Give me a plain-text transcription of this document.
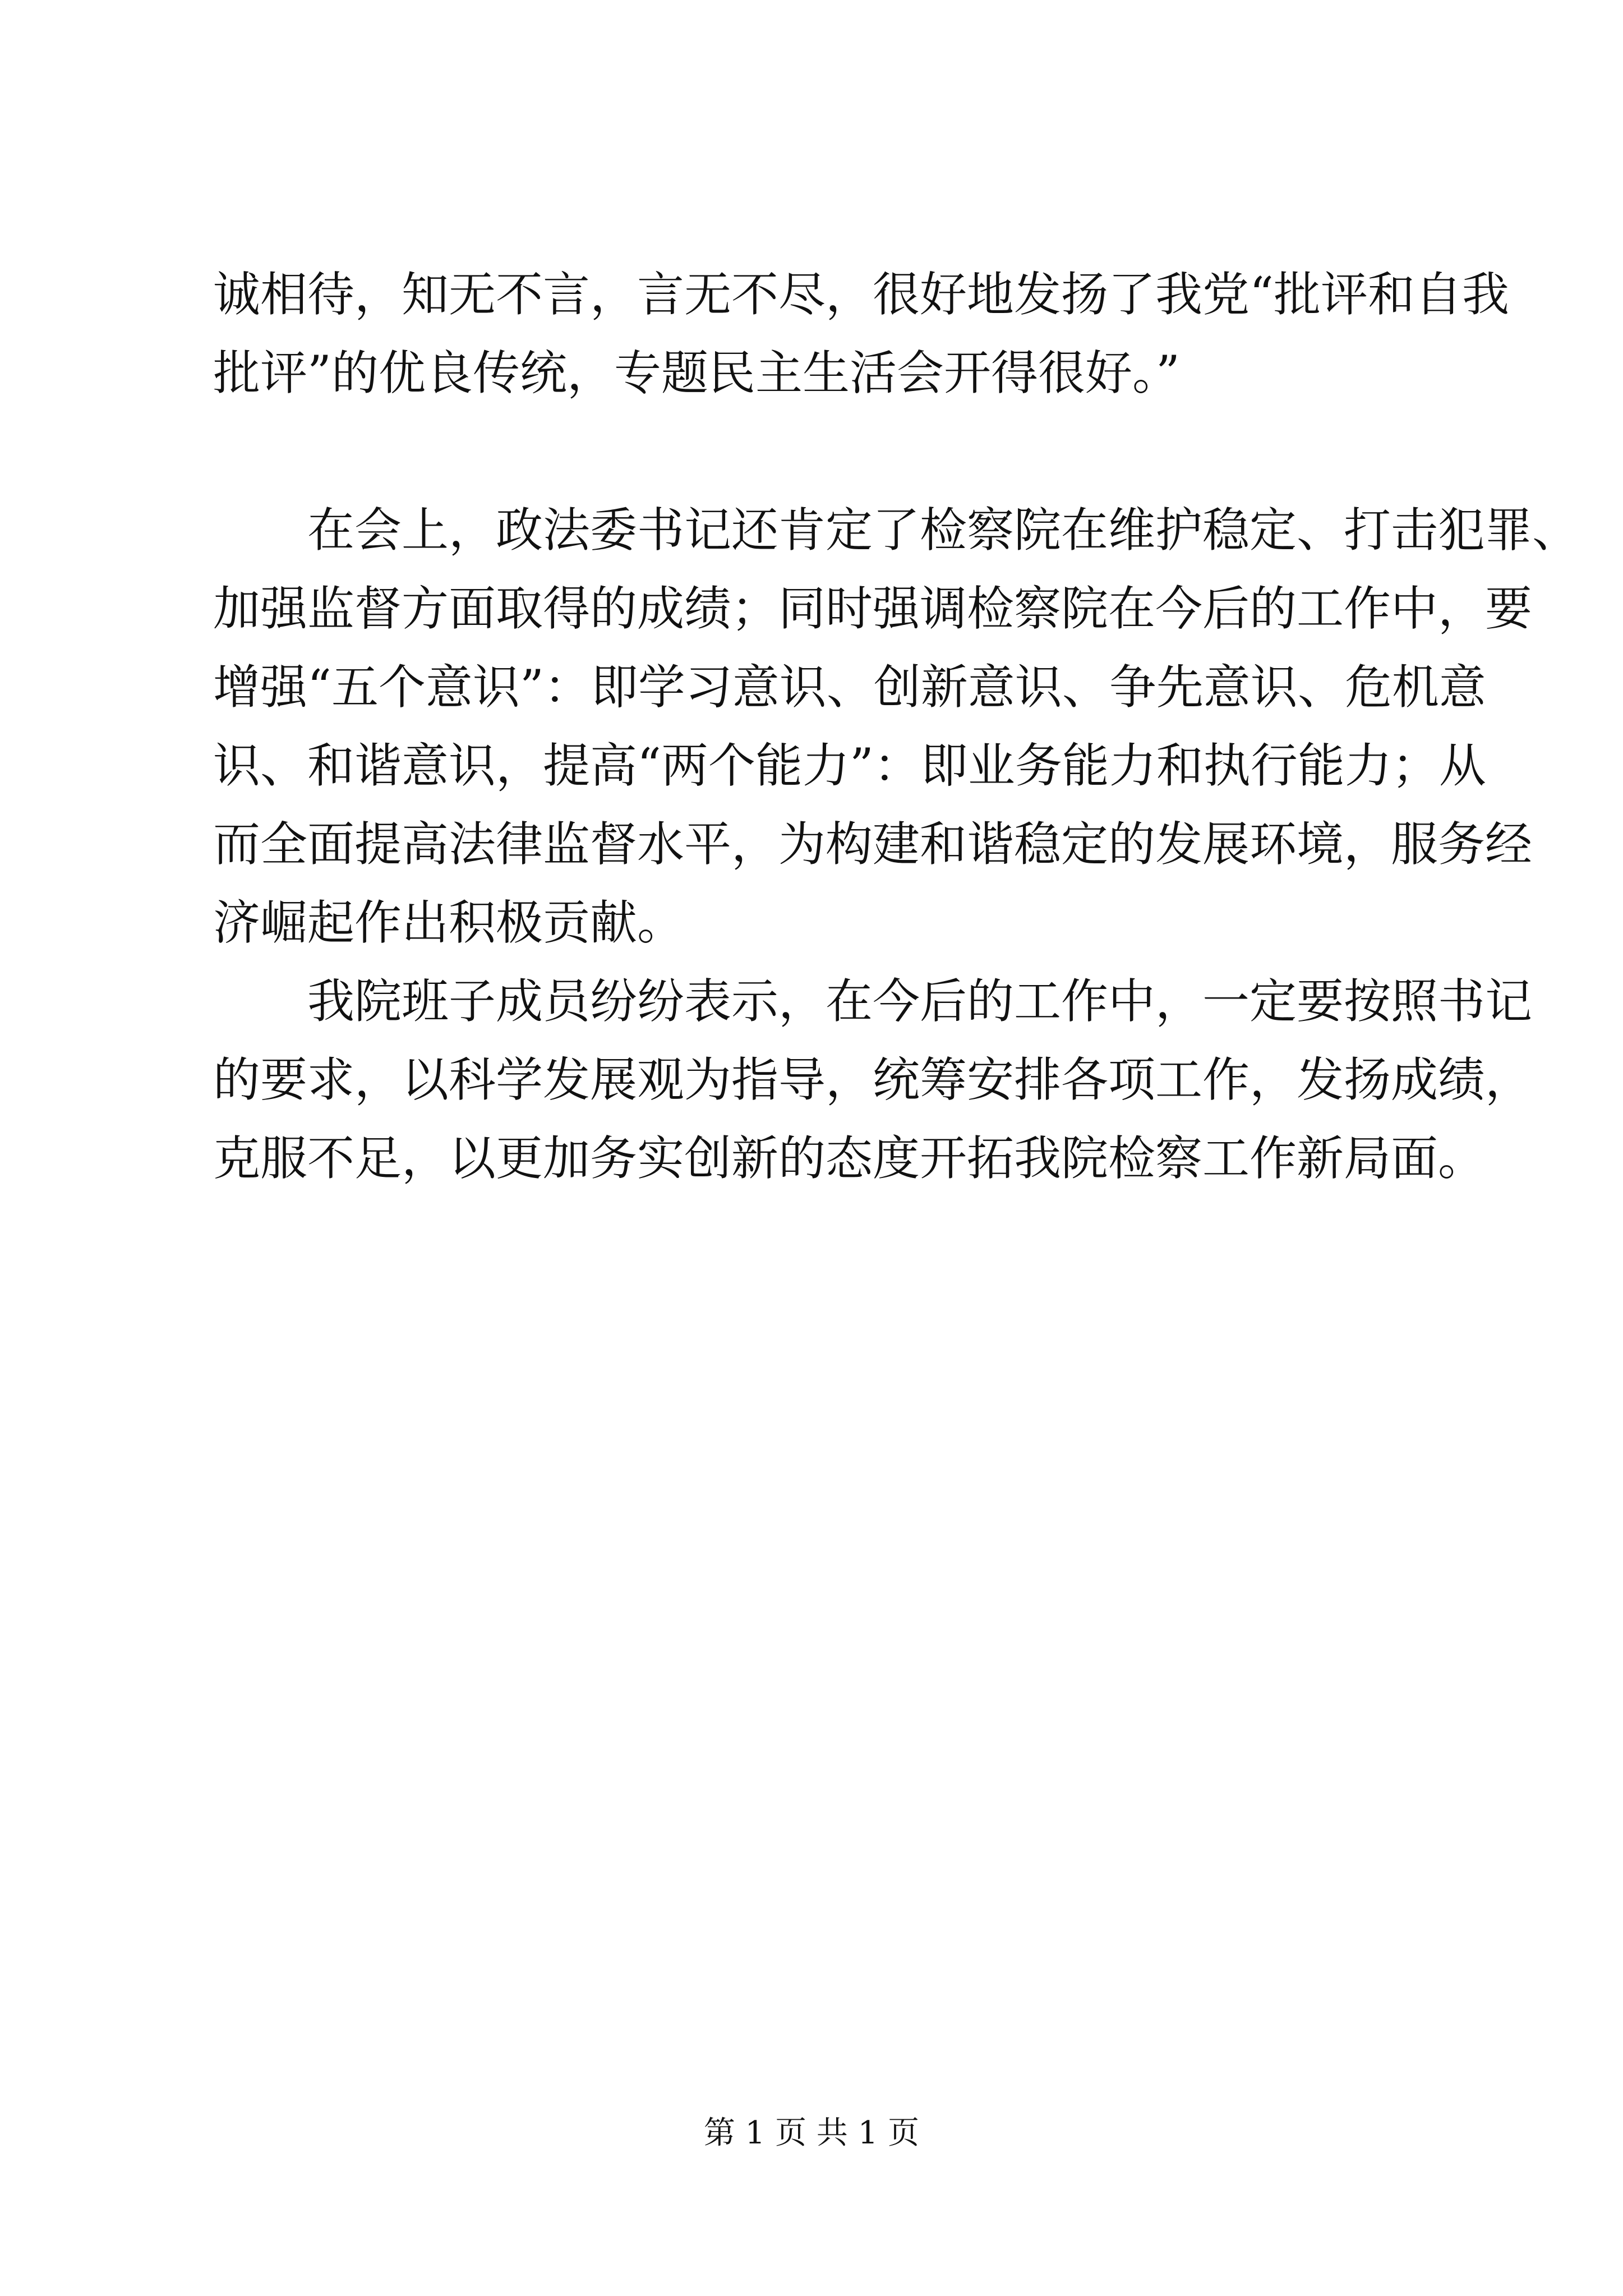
诚相待，知无不言，言无不尽，很好地发扬了我党“批评和自我
批评”的优良传统，专题民主生活会开得很好。”
在会上，政法委书记还肯定了检察院在维护稳定、打击犯罪、
加强监督方面取得的成绩；同时强调检察院在今后的工作中，要
增强“五个意识”：即学习意识、创新意识、争先意识、危机意
识、和谐意识，提高“两个能力”：即业务能力和执行能力；从
而全面提高法律监督水平，为构建和谐稳定的发展环境，服务经
济崛起作出积极贡献。
我院班子成员纷纷表示，在今后的工作中，一定要按照书记
的要求，以科学发展观为指导，统筹安排各项工作，发扬成绩，
克服不足，以更加务实创新的态度开拓我院检察工作新局面。
第 1 页 共 1 页
